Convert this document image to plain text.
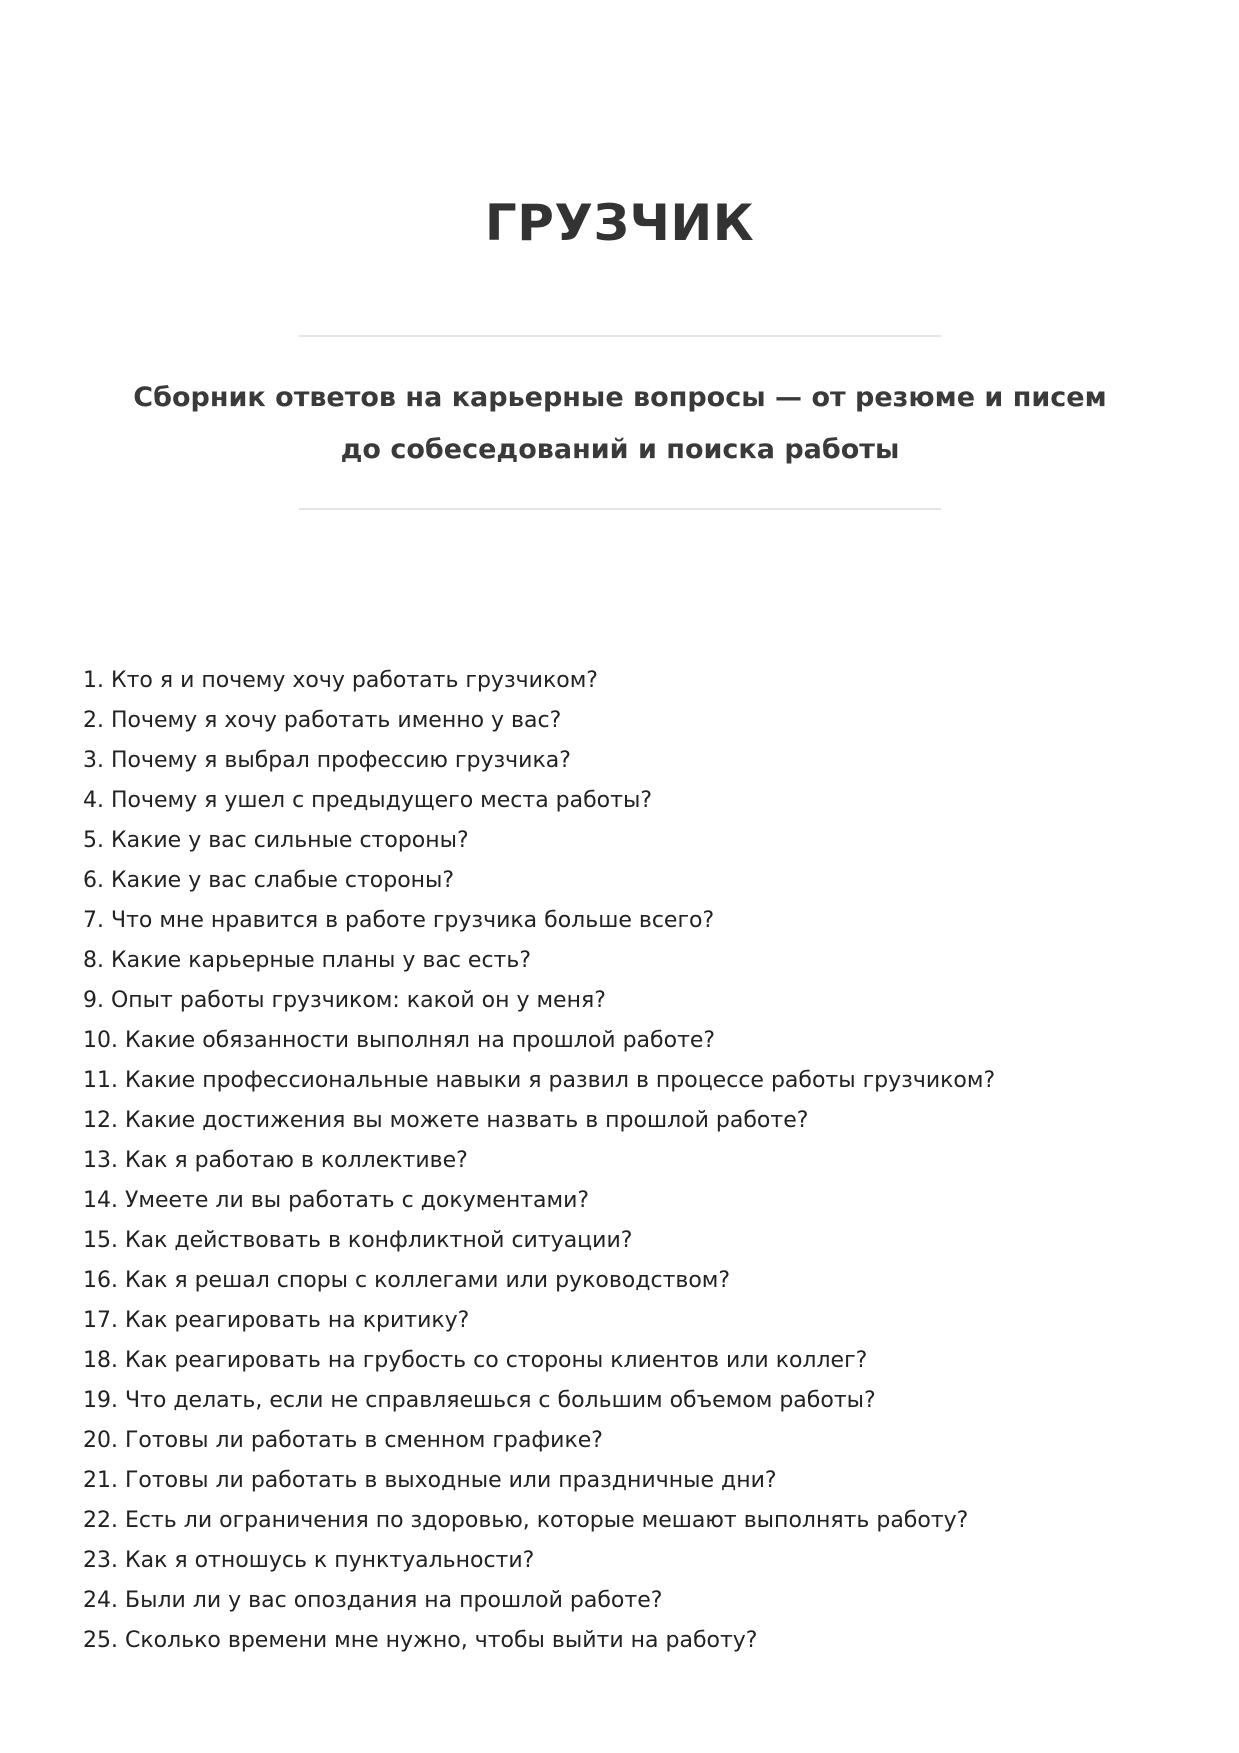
ГРУЗЧИК

Сборник ответов на карьерные вопросы — от резюме и писем до собеседований и поиска работы

1. Кто я и почему хочу работать грузчиком?
2. Почему я хочу работать именно у вас?
3. Почему я выбрал профессию грузчика?
4. Почему я ушел с предыдущего места работы?
5. Какие у вас сильные стороны?
6. Какие у вас слабые стороны?
7. Что мне нравится в работе грузчика больше всего?
8. Какие карьерные планы у вас есть?
9. Опыт работы грузчиком: какой он у меня?
10. Какие обязанности выполнял на прошлой работе?
11. Какие профессиональные навыки я развил в процессе работы грузчиком?
12. Какие достижения вы можете назвать в прошлой работе?
13. Как я работаю в коллективе?
14. Умеете ли вы работать с документами?
15. Как действовать в конфликтной ситуации?
16. Как я решал споры с коллегами или руководством?
17. Как реагировать на критику?
18. Как реагировать на грубость со стороны клиентов или коллег?
19. Что делать, если не справляешься с большим объемом работы?
20. Готовы ли работать в сменном графике?
21. Готовы ли работать в выходные или праздничные дни?
22. Есть ли ограничения по здоровью, которые мешают выполнять работу?
23. Как я отношусь к пунктуальности?
24. Были ли у вас опоздания на прошлой работе?
25. Сколько времени мне нужно, чтобы выйти на работу?
